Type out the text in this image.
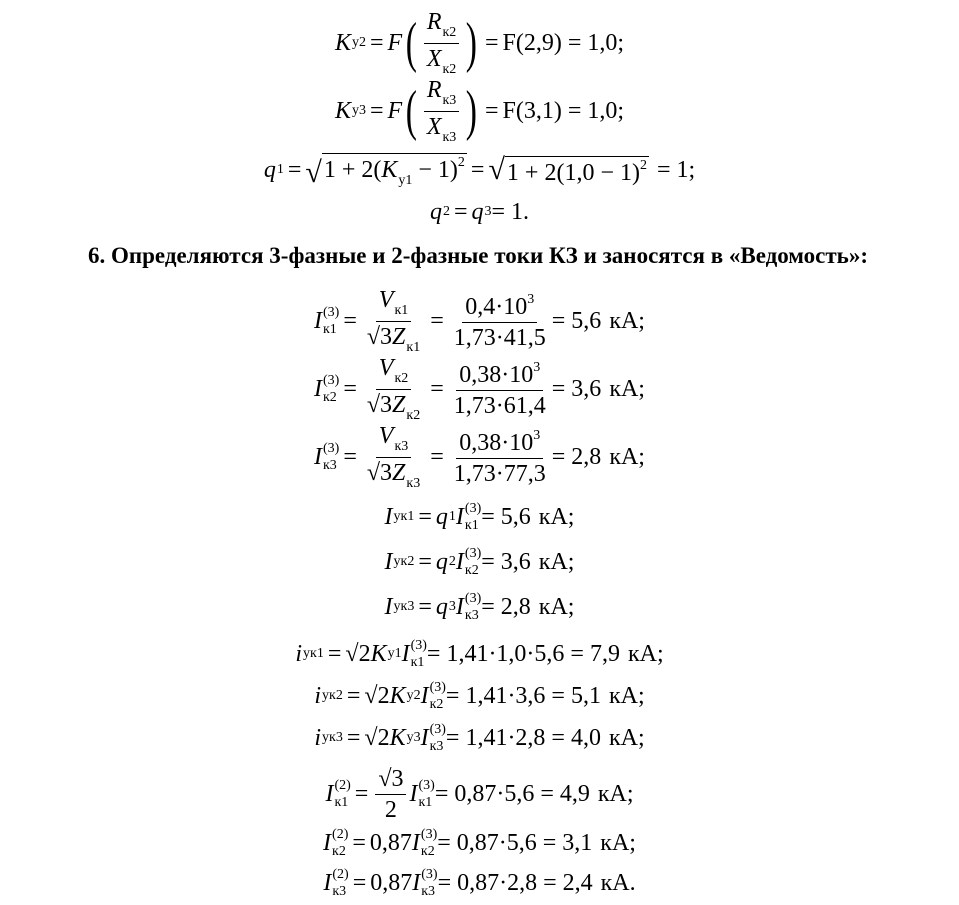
K у2 = F ( $\frac{R_{к2}}{X_{к2}}$ ) = F(2,9) = 1,0;
K у3 = F ( $\frac{R_{к3}}{X_{к3}}$ ) = F(3,1) = 1,0;
q 1 = √ $1 + 2(K_{у1} - 1)^2$ = √ $1 + 2(1,0 - 1)^2 = 1$;
q 2 = q 3 = 1.
6. Определяются 3-фазные и 2-фазные токи КЗ и заносятся в «Ведомость»:
I (3)
$к1 = \frac{V_{к1}}{√3Z_{к1}} = \frac{0,4\cdot 10^3}{1,73\cdot 41,5} = 5,6$ кА;
I (3)
$к2 = \frac{V_{к2}}{√3Z_{к2}} = \frac{0,38\cdot 10^3}{1,73\cdot 61,4} = 3,6$ кА;
I (3)
$к3 = \frac{V_{к3}}{√3Z_{к3}} = \frac{0,38\cdot 10^3}{1,73\cdot 77,3} = 2,8$ кА;
I ук1 = q 1 I (3)
к1 = 5,6 кА;
I ук2 = q 2 I (3)
к2 = 3,6 кА;
I ук3 = q 3 I (3)
к3 = 2,8 кА;
i ук1 = √2 K у1 I (3)
к1 = 1,41·1,0·5,6 = 7,9 кА;
i ук2 = √2 K у2 I (3)
к2 = 1,41·3,6 = 5,1 кА;
i ук3 = √2 K у3 I (3)
к3 = 1,41·2,8 = 4,0 кА;
I (2)
$к1 = \frac{√3}{2}$ I (3)
к1 = 0,87·5,6 = 4,9 кА;
I (2)
к2 = 0,87 I (3)
к2 = 0,87·5,6 = 3,1 кА;
I (2)
к3 = 0,87 I (3)
к3 = 0,87·2,8 = 2,4 кА.
